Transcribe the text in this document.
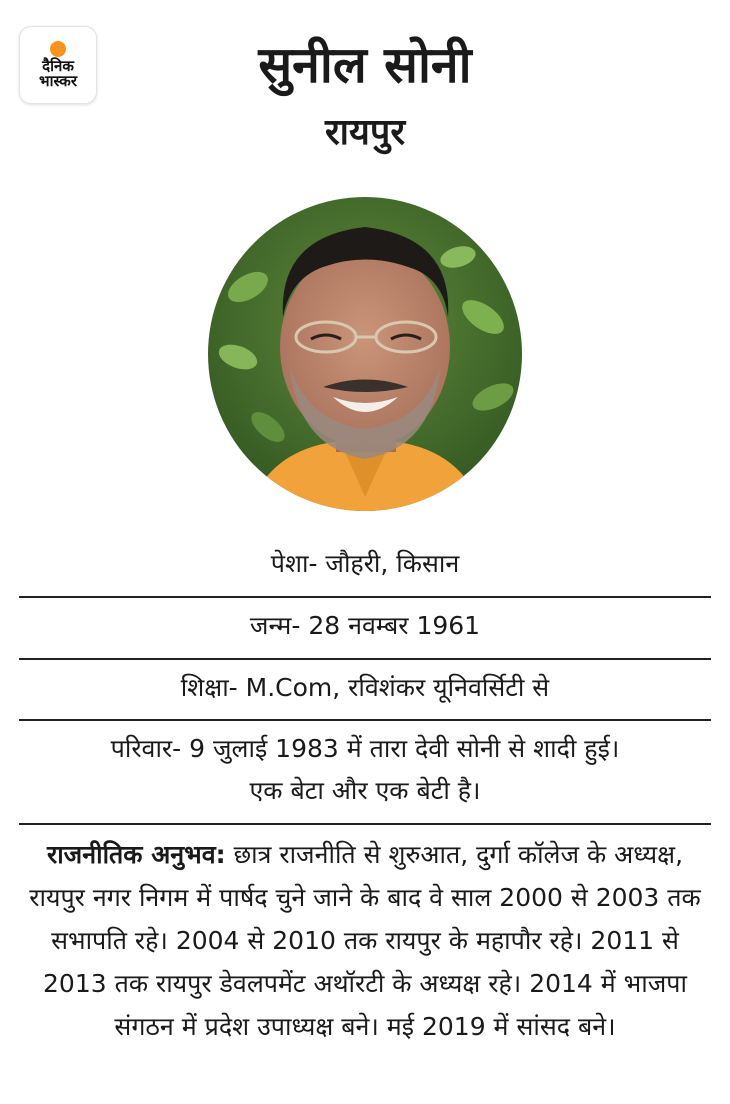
दैनिक
भास्कर	सुनील सोनी
रायपुर
पेशा- जौहरी, किसान
जन्म- 28 नवम्बर 1961
शिक्षा- M.Com, रविशंकर यूनिवर्सिटी से
परिवार- 9 जुलाई 1983 में तारा देवी सोनी से शादी हुई।
एक बेटा और एक बेटी है।
राजनीतिक अनुभव: छात्र राजनीति से शुरुआत, दुर्गा कॉलेज के अध्यक्ष, रायपुर नगर निगम में पार्षद चुने जाने के बाद वे साल 2000 से 2003 तक सभापति रहे। 2004 से 2010 तक रायपुर के महापौर रहे। 2011 से 2013 तक रायपुर डेवलपमेंट अथॉरटी के अध्यक्ष रहे। 2014 में भाजपा संगठन में प्रदेश उपाध्यक्ष बने। मई 2019 में सांसद बने।
